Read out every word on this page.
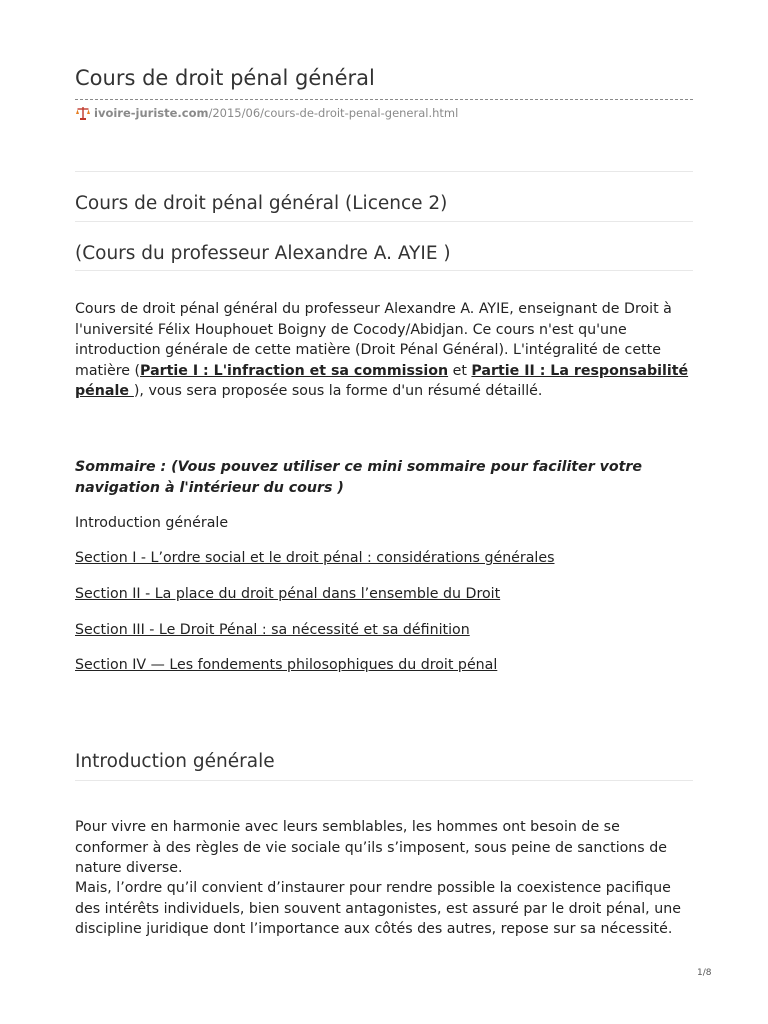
Cours de droit pénal général
ivoire-juriste.com /2015/06/cours-de-droit-penal-general.html
Cours de droit pénal général (Licence 2)
(Cours du professeur Alexandre A. AYIE )

Cours de droit pénal général du professeur Alexandre A. AYIE, enseignant de Droit à l'université Félix Houphouet Boigny de Cocody/Abidjan. Ce cours n'est qu'une introduction générale de cette matière (Droit Pénal Général). L'intégralité de cette matière (Partie I : L'infraction et sa commission et Partie II : La responsabilité pénale ), vous sera proposée sous la forme d'un résumé détaillé.

Sommaire : (Vous pouvez utiliser ce mini sommaire pour faciliter votre navigation à l'intérieur du cours )

Introduction générale
Section I - L’ordre social et le droit pénal : considérations générales
Section II - La place du droit pénal dans l’ensemble du Droit
Section III - Le Droit Pénal : sa nécessité et sa définition
Section IV — Les fondements philosophiques du droit pénal
Introduction générale

Pour vivre en harmonie avec leurs semblables, les hommes ont besoin de se conformer à des règles de vie sociale qu’ils s’imposent, sous peine de sanctions de nature diverse.

Mais, l’ordre qu’il convient d’instaurer pour rendre possible la coexistence pacifique des intérêts individuels, bien souvent antagonistes, est assuré par le droit pénal, une discipline juridique dont l’importance aux côtés des autres, repose sur sa nécessité.

1/8
